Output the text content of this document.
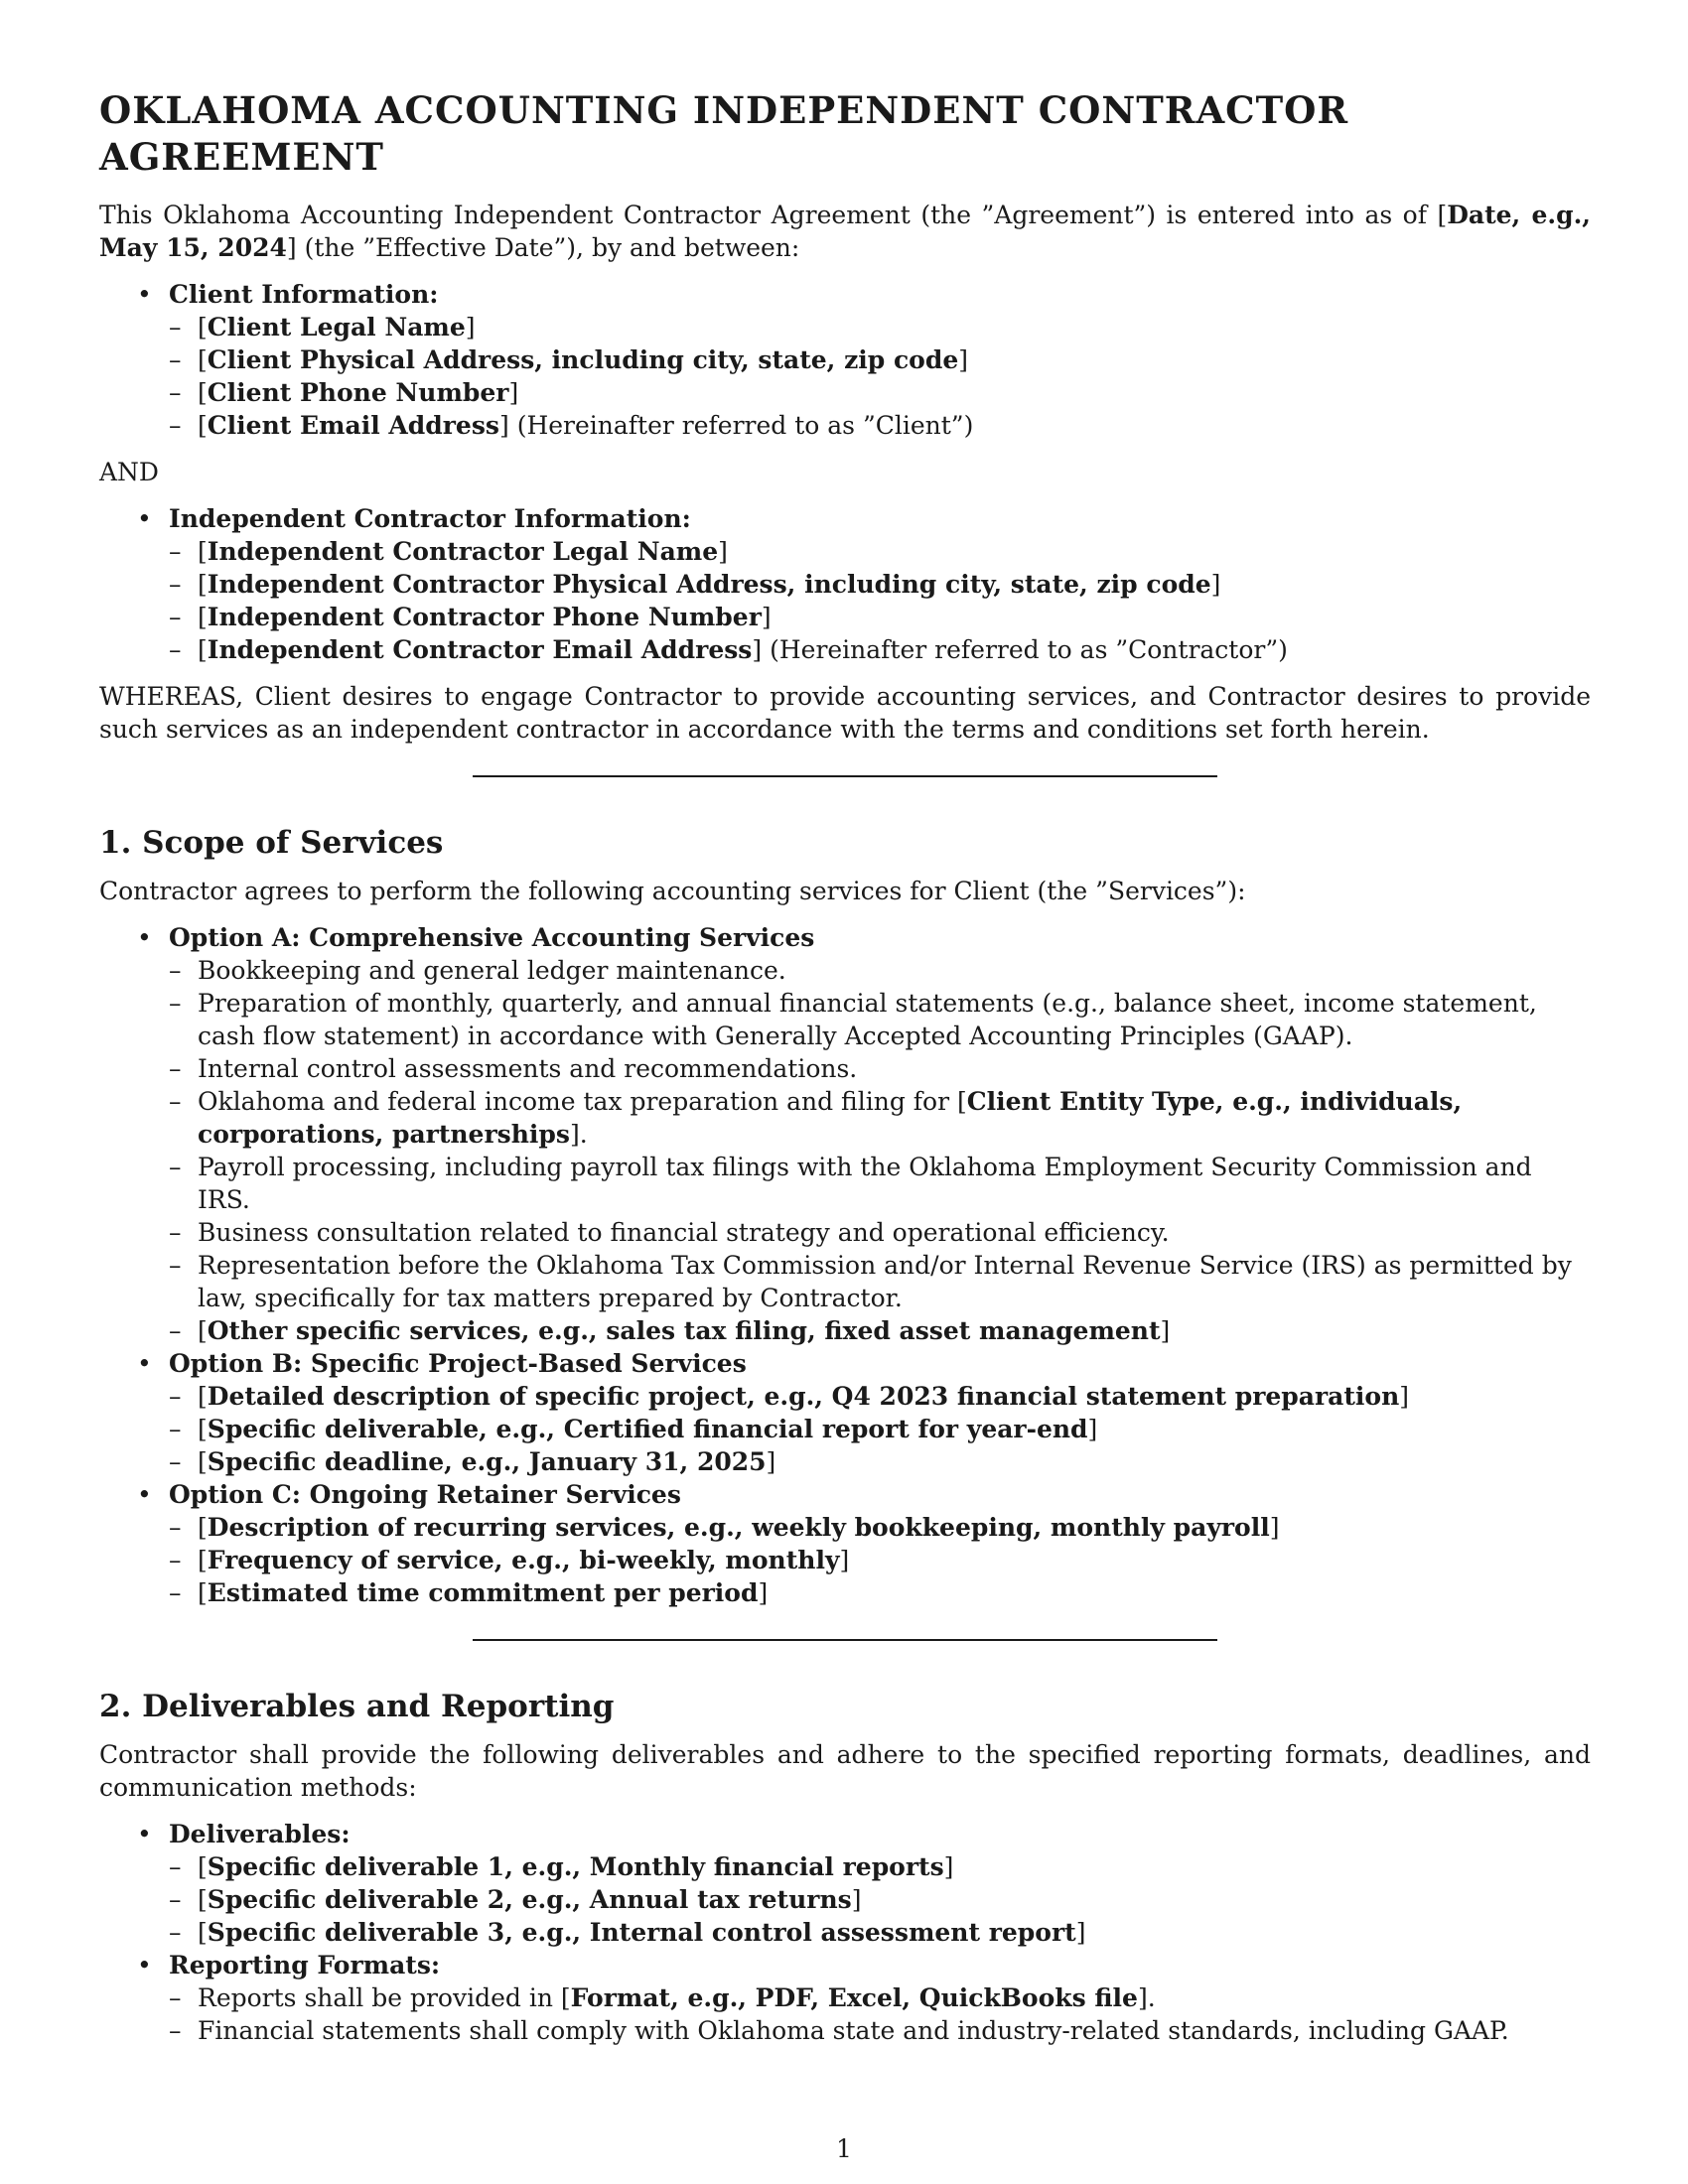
OKLAHOMA ACCOUNTING INDEPENDENT CONTRACTOR AGREEMENT

This Oklahoma Accounting Independent Contractor Agreement (the ”Agreement”) is entered into as of [Date, e.g., May 15, 2024] (the ”Effective Date”), by and between:

• Client Information:
– [Client Legal Name]
– [Client Physical Address, including city, state, zip code]
– [Client Phone Number]
– [Client Email Address] (Hereinafter referred to as ”Client”)
AND
• Independent Contractor Information:
– [Independent Contractor Legal Name]
– [Independent Contractor Physical Address, including city, state, zip code]
– [Independent Contractor Phone Number]
– [Independent Contractor Email Address] (Hereinafter referred to as ”Contractor”)

WHEREAS, Client desires to engage Contractor to provide accounting services, and Contractor desires to provide such services as an independent contractor in accordance with the terms and conditions set forth herein.

1. Scope of Services

Contractor agrees to perform the following accounting services for Client (the ”Services”):

• Option A: Comprehensive Accounting Services
– Bookkeeping and general ledger maintenance.
– Preparation of monthly, quarterly, and annual financial statements (e.g., balance sheet, income statement, cash flow statement) in accordance with Generally Accepted Accounting Principles (GAAP).
– Internal control assessments and recommendations.
– Oklahoma and federal income tax preparation and filing for [Client Entity Type, e.g., individuals, corporations, partnerships].
– Payroll processing, including payroll tax filings with the Oklahoma Employment Security Commission and IRS.
– Business consultation related to financial strategy and operational efficiency.
– Representation before the Oklahoma Tax Commission and/or Internal Revenue Service (IRS) as permitted by law, specifically for tax matters prepared by Contractor.
– [Other specific services, e.g., sales tax filing, fixed asset management]
• Option B: Specific Project-Based Services
– [Detailed description of specific project, e.g., Q4 2023 financial statement preparation]
– [Specific deliverable, e.g., Certified financial report for year-end]
– [Specific deadline, e.g., January 31, 2025]
• Option C: Ongoing Retainer Services
– [Description of recurring services, e.g., weekly bookkeeping, monthly payroll]
– [Frequency of service, e.g., bi-weekly, monthly]
– [Estimated time commitment per period]
2. Deliverables and Reporting

Contractor shall provide the following deliverables and adhere to the specified reporting formats, deadlines, and communication methods:

• Deliverables:
– [Specific deliverable 1, e.g., Monthly financial reports]
– [Specific deliverable 2, e.g., Annual tax returns]
– [Specific deliverable 3, e.g., Internal control assessment report]
• Reporting Formats:
– Reports shall be provided in [Format, e.g., PDF, Excel, QuickBooks file].
– Financial statements shall comply with Oklahoma state and industry-related standards, including GAAP.
1
